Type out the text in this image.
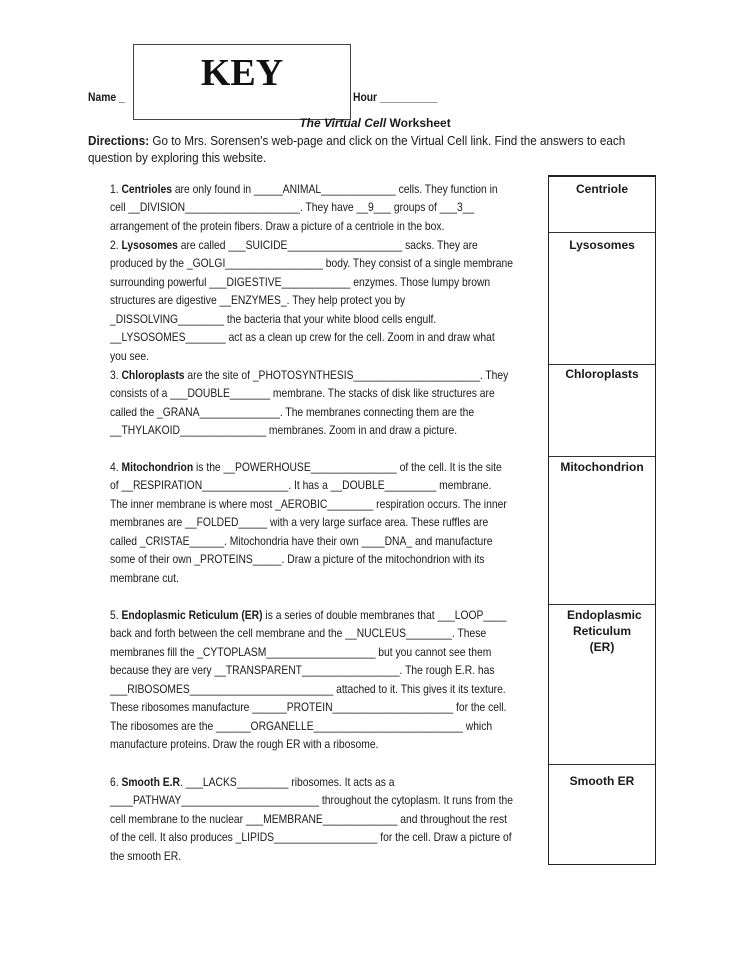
Name _	Hour __________
KEY
The Virtual Cell Worksheet
Directions: Go to Mrs. Sorensen's web-page and click on the Virtual Cell link. Find the answers to each
question by exploring this website.
1. Centrioles are only found in _____ANIMAL_____________ cells. They function in
cell __DIVISION____________________. They have __9___ groups of ___3__
arrangement of the protein fibers. Draw a picture of a centriole in the box.
2. Lysosomes are called ___SUICIDE____________________ sacks. They are
produced by the _GOLGI_________________ body. They consist of a single membrane
surrounding powerful ___DIGESTIVE____________ enzymes. Those lumpy brown
structures are digestive __ENZYMES_. They help protect you by
_DISSOLVING________ the bacteria that your white blood cells engulf.
__LYSOSOMES_______ act as a clean up crew for the cell. Zoom in and draw what
you see.
3. Chloroplasts are the site of _PHOTOSYNTHESIS______________________. They
consists of a ___DOUBLE_______ membrane. The stacks of disk like structures are
called the _GRANA______________. The membranes connecting them are the
__THYLAKOID_______________ membranes. Zoom in and draw a picture.
4. Mitochondrion is the __POWERHOUSE_______________ of the cell. It is the site
of __RESPIRATION_______________. It has a __DOUBLE_________ membrane.
The inner membrane is where most _AEROBIC________ respiration occurs. The inner
membranes are __FOLDED_____ with a very large surface area. These ruffles are
called _CRISTAE______. Mitochondria have their own ____DNA_ and manufacture
some of their own _PROTEINS_____. Draw a picture of the mitochondrion with its
membrane cut.
5. Endoplasmic Reticulum (ER) is a series of double membranes that ___LOOP____
back and forth between the cell membrane and the __NUCLEUS________. These
membranes fill the _CYTOPLASM___________________ but you cannot see them
because they are very __TRANSPARENT_________________. The rough E.R. has
___RIBOSOMES_________________________ attached to it. This gives it its texture.
These ribosomes manufacture ______PROTEIN_____________________ for the cell.
The ribosomes are the ______ORGANELLE__________________________ which
manufacture proteins. Draw the rough ER with a ribosome.
6. Smooth E.R. ___LACKS_________ ribosomes. It acts as a
____PATHWAY________________________ throughout the cytoplasm. It runs from the
cell membrane to the nuclear ___MEMBRANE_____________ and throughout the rest
of the cell. It also produces _LIPIDS__________________ for the cell. Draw a picture of
the smooth ER.
Centriole
Lysosomes
Chloroplasts
Mitochondrion
Endoplasmic Reticulum (ER)
Smooth ER
